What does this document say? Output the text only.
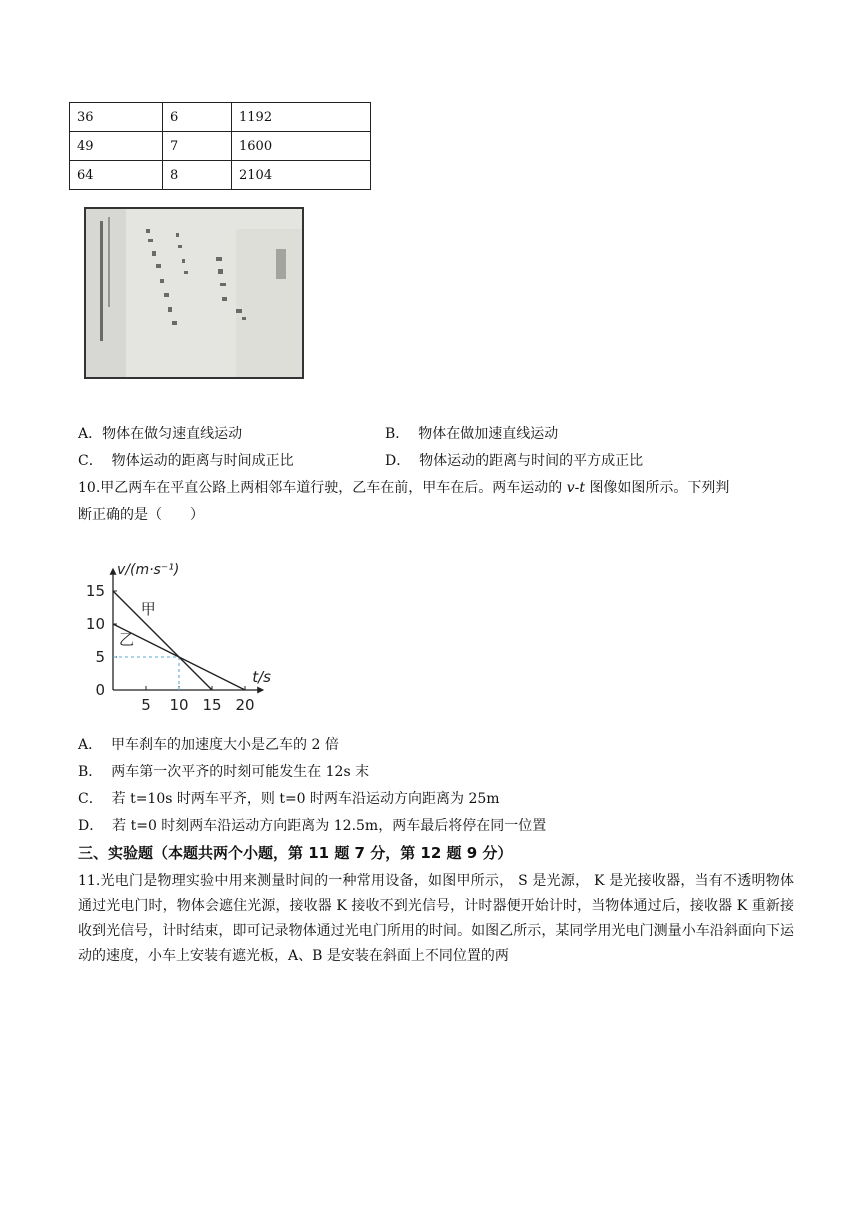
36	6	1192
49	7	1600
64	8	2104
A．物体在做匀速直线运动	B． 物体在做加速直线运动
C． 物体运动的距离与时间成正比	D． 物体运动的距离与时间的平方成正比
10.甲乙两车在平直公路上两相邻车道行驶，乙车在前，甲车在后。两车运动的 v-t 图像如图所示。下列判
断正确的是（　　）
5 10 15 20
15
10
5
0
甲
乙
v/(m·s⁻¹)
t/s
A． 甲车刹车的加速度大小是乙车的 2 倍
B． 两车第一次平齐的时刻可能发生在 12s 末
C． 若 t=10s 时两车平齐，则 t=0 时两车沿运动方向距离为 25m
D． 若 t=0 时刻两车沿运动方向距离为 12.5m，两车最后将停在同一位置
三、实验题（本题共两个小题，第 11 题 7 分，第 12 题 9 分）
11.光电门是物理实验中用来测量时间的一种常用设备，如图甲所示， S 是光源， K 是光接收器，当有不透明物体通过光电门时，物体会遮住光源，接收器 K 接收不到光信号，计时器便开始计时，当物体通过后，接收器 K 重新接收到光信号，计时结束，即可记录物体通过光电门所用的时间。如图乙所示，某同学用光电门测量小车沿斜面向下运动的速度，小车上安装有遮光板，A、B 是安装在斜面上不同位置的两
